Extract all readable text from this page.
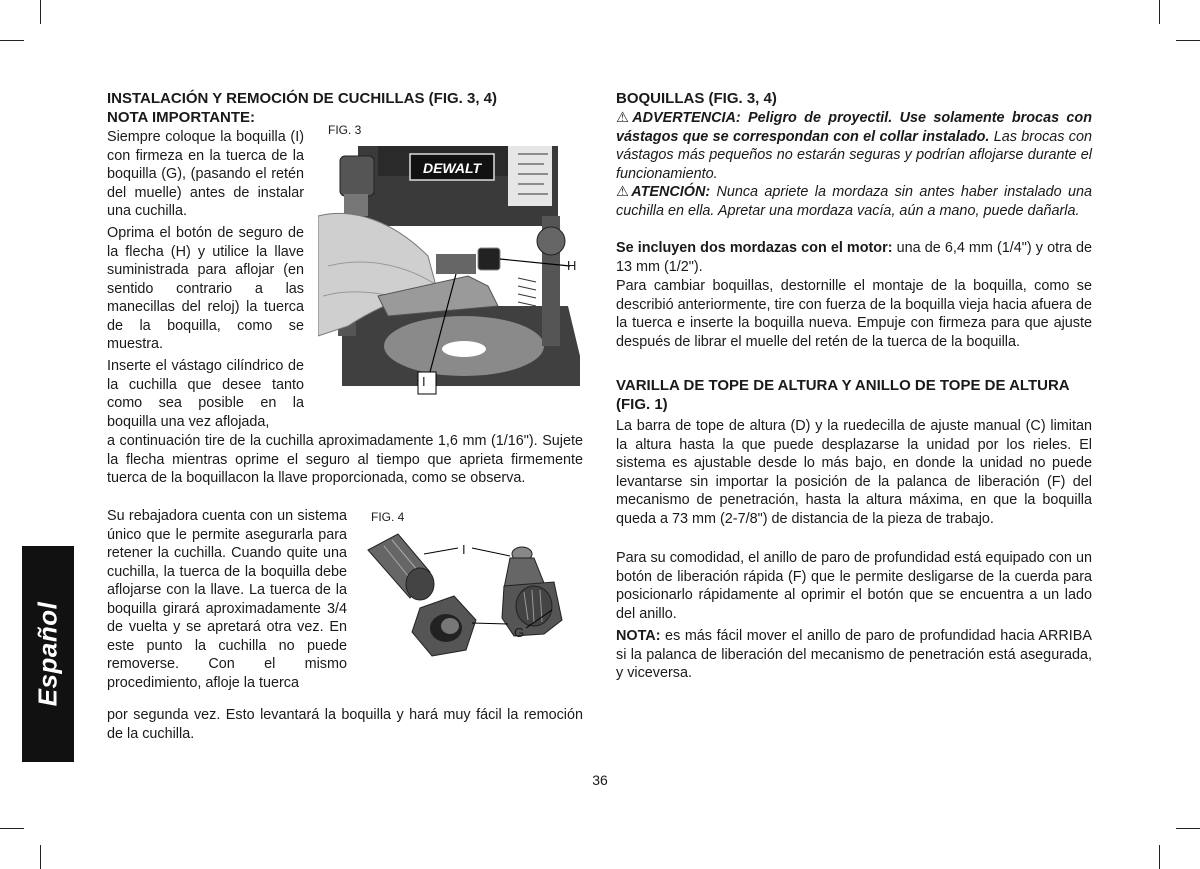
Español
INSTALACIÓN Y REMOCIÓN DE CUCHILLAS (FIG. 3, 4)
NOTA IMPORTANTE:

Siempre coloque la boquilla (I) con firmeza en la tuerca de la boquilla (G), (pasando el retén del muelle) antes de instalar una cuchilla.

Oprima el botón de seguro de la flecha (H) y utilice la llave suministrada para aflojar (en sentido contrario a las manecillas del reloj) la tuerca de la boquilla, como se muestra.

Inserte el vástago cilíndrico de la cuchilla que desee tanto como sea posible en la boquilla una vez aflojada,

a continuación tire de la cuchilla aproximadamente 1,6 mm (1/16"). Sujete la flecha mientras oprime el seguro al tiempo que aprieta firmemente tuerca de la boquillacon la llave proporcionada, como se observa.

Su rebajadora cuenta con un sistema único que le permite asegurarla para retener la cuchilla. Cuando quite una cuchilla, la tuerca de la boquilla debe aflojarse con la llave. La tuerca de la boquilla girará aproximadamente 3/4 de vuelta y se apretará otra vez. En este punto la cuchilla no puede removerse. Con el mismo procedimiento, afloje la tuerca

por segunda vez. Esto levantará la boquilla y hará muy fácil la remoción de la cuchilla.

FIG. 3
DEWALT
H
I
FIG. 4
I
G
BOQUILLAS (FIG. 3, 4)

⚠ADVERTENCIA: Peligro de proyectil. Use solamente brocas con vástagos que se correspondan con el collar instalado. Las brocas con vástagos más pequeños no estarán seguras y podrían aflojarse durante el funcionamiento.

⚠ATENCIÓN: Nunca apriete la mordaza sin antes haber instalado una cuchilla en ella. Apretar una mordaza vacía, aún a mano, puede dañarla.

Se incluyen dos mordazas con el motor: una de 6,4 mm (1/4") y otra de 13 mm (1/2").

Para cambiar boquillas, destornille el montaje de la boquilla, como se describió anteriormente, tire con fuerza de la boquilla vieja hacia afuera de la tuerca e inserte la boquilla nueva. Empuje con firmeza para que ajuste después de librar el muelle del retén de la tuerca de la boquilla.

VARILLA DE TOPE DE ALTURA Y ANILLO DE TOPE DE ALTURA (FIG. 1)

La barra de tope de altura (D) y la ruedecilla de ajuste manual (C) limitan la altura hasta la que puede desplazarse la unidad por los rieles. El sistema es ajustable desde lo más bajo, en donde la unidad no puede levantarse sin importar la posición de la palanca de liberación (F) del mecanismo de penetración, hasta la altura máxima, en que la boquilla queda a 73 mm (2-7/8") de distancia de la pieza de trabajo.

Para su comodidad, el anillo de paro de profundidad está equipado con un botón de liberación rápida (F) que le permite desligarse de la cuerda para posicionarlo rápidamente al oprimir el botón que se encuentra a un lado del anillo.

NOTA: es más fácil mover el anillo de paro de profundidad hacia ARRIBA si la palanca de liberación del mecanismo de penetración está asegurada, y viceversa.

36
